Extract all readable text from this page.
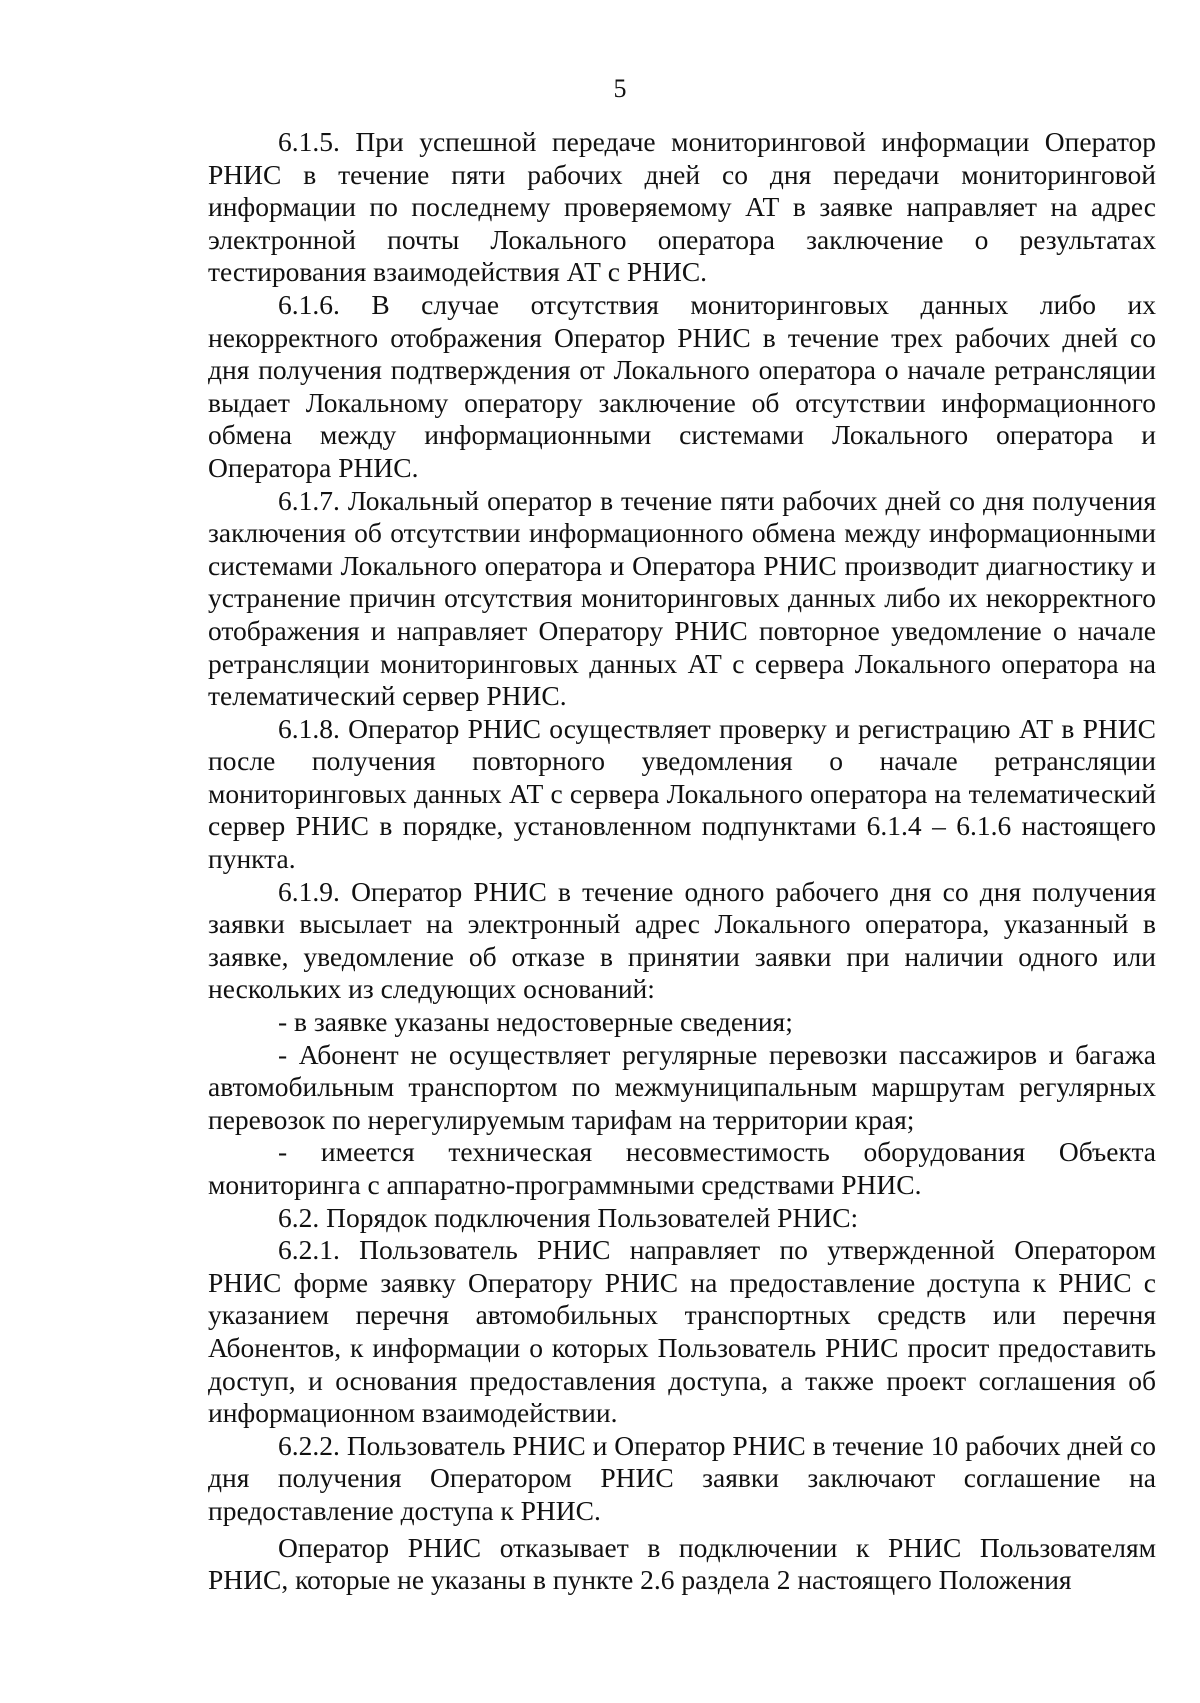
5

6.1.5. При успешной передаче мониторинговой информации Оператор РНИС в течение пяти рабочих дней со дня передачи мониторинговой информации по последнему проверяемому АТ в заявке направляет на адрес электронной почты Локального оператора заключение о результатах тестирования взаимодействия АТ с РНИС.

6.1.6. В случае отсутствия мониторинговых данных либо их некорректного отображения Оператор РНИС в течение трех рабочих дней со дня получения подтверждения от Локального оператора о начале ретрансляции выдает Локальному оператору заключение об отсутствии информационного обмена между информационными системами Локального оператора и Оператора РНИС.

6.1.7. Локальный оператор в течение пяти рабочих дней со дня получения заключения об отсутствии информационного обмена между информационными системами Локального оператора и Оператора РНИС производит диагностику и устранение причин отсутствия мониторинговых данных либо их некорректного отображения и направляет Оператору РНИС повторное уведомление о начале ретрансляции мониторинговых данных АТ с сервера Локального оператора на телематический сервер РНИС.

6.1.8. Оператор РНИС осуществляет проверку и регистрацию АТ в РНИС после получения повторного уведомления о начале ретрансляции мониторинговых данных АТ с сервера Локального оператора на телематический сервер РНИС в порядке, установленном подпунктами 6.1.4 – 6.1.6 настоящего пункта.

6.1.9. Оператор РНИС в течение одного рабочего дня со дня получения заявки высылает на электронный адрес Локального оператора, указанный в заявке, уведомление об отказе в принятии заявки при наличии одного или нескольких из следующих оснований:

- в заявке указаны недостоверные сведения;

- Абонент не осуществляет регулярные перевозки пассажиров и багажа автомобильным транспортом по межмуниципальным маршрутам регулярных перевозок по нерегулируемым тарифам на территории края;

- имеется техническая несовместимость оборудования Объекта мониторинга с аппаратно-программными средствами РНИС.

6.2. Порядок подключения Пользователей РНИС:

6.2.1. Пользователь РНИС направляет по утвержденной Оператором РНИС форме заявку Оператору РНИС на предоставление доступа к РНИС с указанием перечня автомобильных транспортных средств или перечня Абонентов, к информации о которых Пользователь РНИС просит предоставить доступ, и основания предоставления доступа, а также проект соглашения об информационном взаимодействии.

6.2.2. Пользователь РНИС и Оператор РНИС в течение 10 рабочих дней со дня получения Оператором РНИС заявки заключают соглашение на предоставление доступа к РНИС.

Оператор РНИС отказывает в подключении к РНИС Пользователям РНИС, которые не указаны в пункте 2.6 раздела 2 настоящего Положения
